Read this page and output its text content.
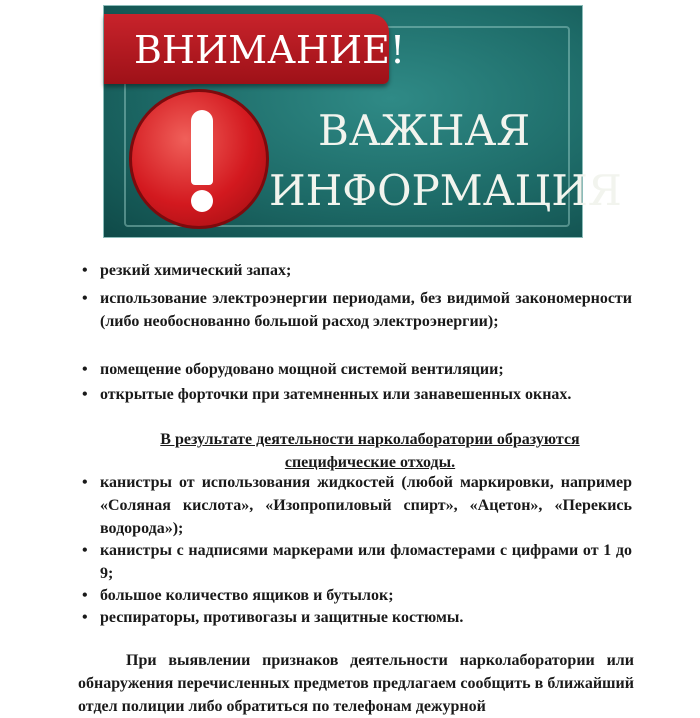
ВНИМАНИЕ!
ВАЖНАЯ
ИНФОРМАЦИЯ
• резкий химический запах;
• использование электроэнергии периодами, без видимой закономерности (либо необоснованно большой расход электроэнергии);
• помещение оборудовано мощной системой вентиляции;
• открытые форточки при затемненных или занавешенных окнах.
В результате деятельности нарколаборатории образуются специфические отходы.
• канистры от использования жидкостей (любой маркировки, например «Соляная кислота», «Изопропиловый спирт», «Ацетон», «Перекись водорода»);
• канистры с надписями маркерами или фломастерами с цифрами от 1 до 9;
• большое количество ящиков и бутылок;
• респираторы, противогазы и защитные костюмы.
При выявлении признаков деятельности нарколаборатории или обнаружения перечисленных предметов предлагаем сообщить в ближайший отдел полиции либо обратиться по телефонам дежурной
